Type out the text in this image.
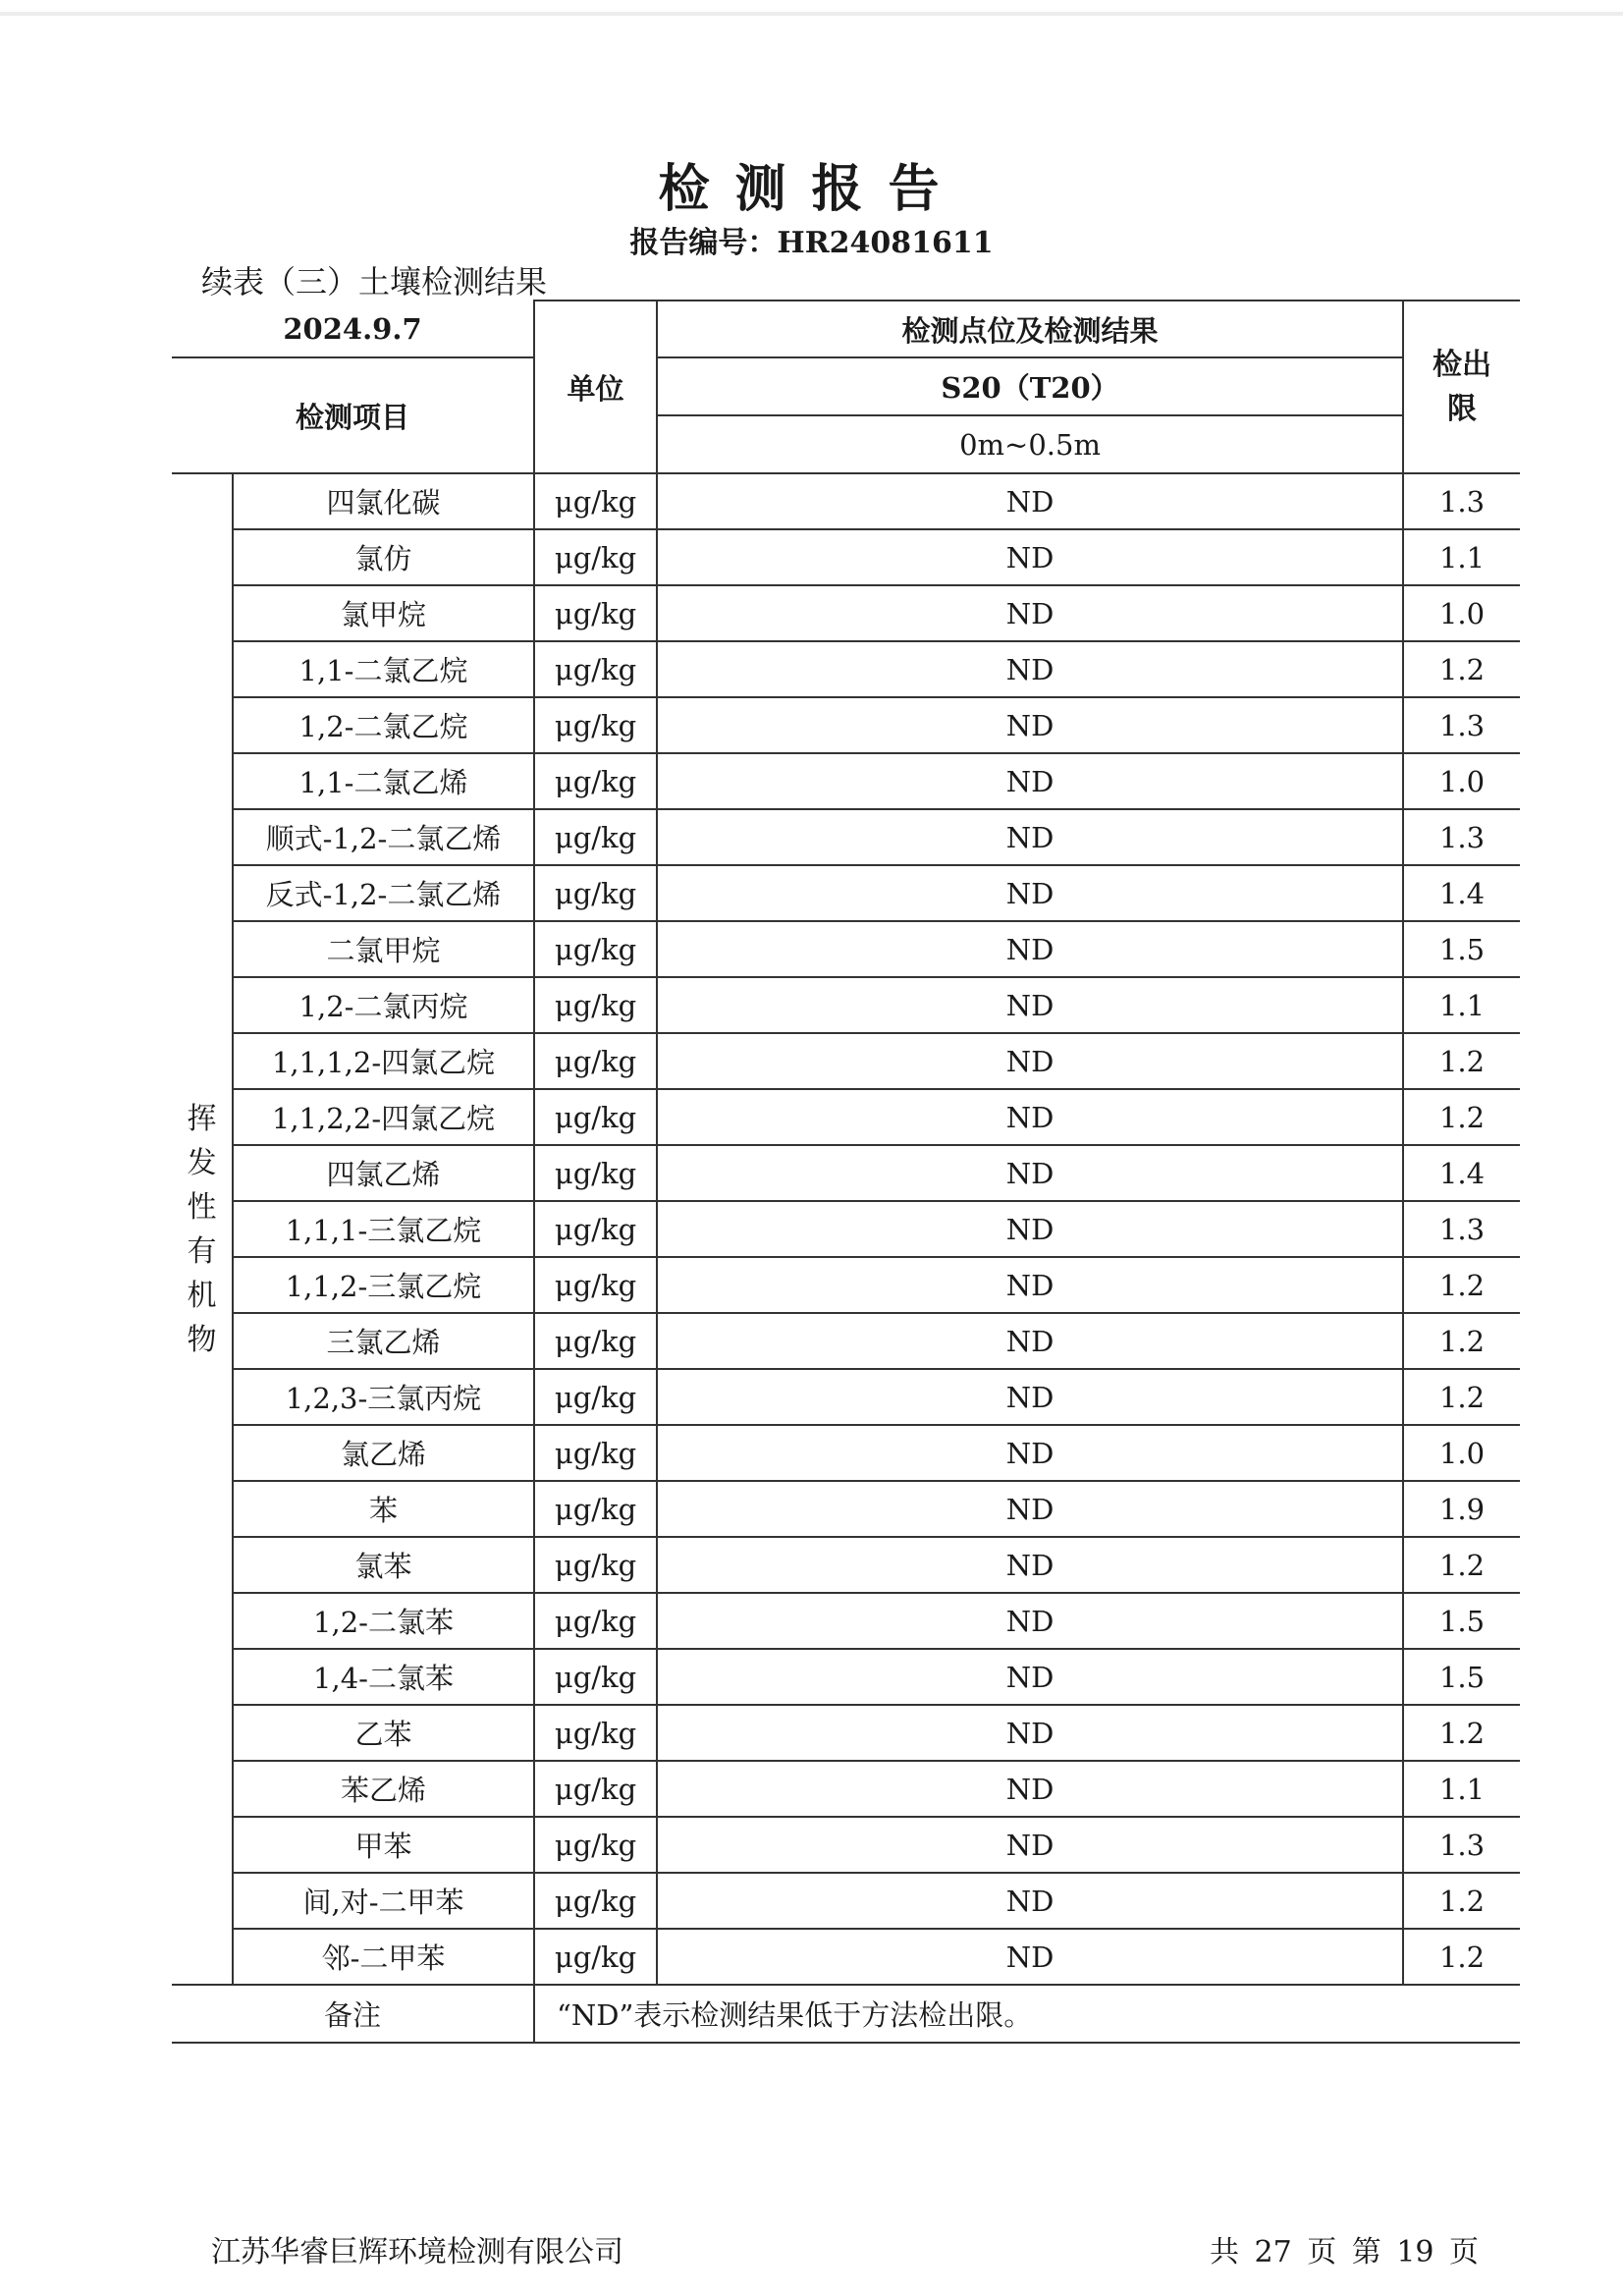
检测报告
报告编号：HR24081611
续表（三）土壤检测结果
2024.9.7		单位	检测点位及检测结果	检出限
检测项目			S20（T20）	
			0m~0.5m	
挥发性有机物	四氯化碳	μg/kg	ND	1.3
	氯仿	μg/kg	ND	1.1
	氯甲烷	μg/kg	ND	1.0
	1,1-二氯乙烷	μg/kg	ND	1.2
	1,2-二氯乙烷	μg/kg	ND	1.3
	1,1-二氯乙烯	μg/kg	ND	1.0
	顺式-1,2-二氯乙烯	μg/kg	ND	1.3
	反式-1,2-二氯乙烯	μg/kg	ND	1.4
	二氯甲烷	μg/kg	ND	1.5
	1,2-二氯丙烷	μg/kg	ND	1.1
	1,1,1,2-四氯乙烷	μg/kg	ND	1.2
	1,1,2,2-四氯乙烷	μg/kg	ND	1.2
	四氯乙烯	μg/kg	ND	1.4
	1,1,1-三氯乙烷	μg/kg	ND	1.3
	1,1,2-三氯乙烷	μg/kg	ND	1.2
	三氯乙烯	μg/kg	ND	1.2
	1,2,3-三氯丙烷	μg/kg	ND	1.2
	氯乙烯	μg/kg	ND	1.0
	苯	μg/kg	ND	1.9
	氯苯	μg/kg	ND	1.2
	1,2-二氯苯	μg/kg	ND	1.5
	1,4-二氯苯	μg/kg	ND	1.5
	乙苯	μg/kg	ND	1.2
	苯乙烯	μg/kg	ND	1.1
	甲苯	μg/kg	ND	1.3
	间,对-二甲苯	μg/kg	ND	1.2
	邻-二甲苯	μg/kg	ND	1.2
备注		“ND”表示检测结果低于方法检出限。		
江苏华睿巨辉环境检测有限公司	共 27 页 第 19 页
